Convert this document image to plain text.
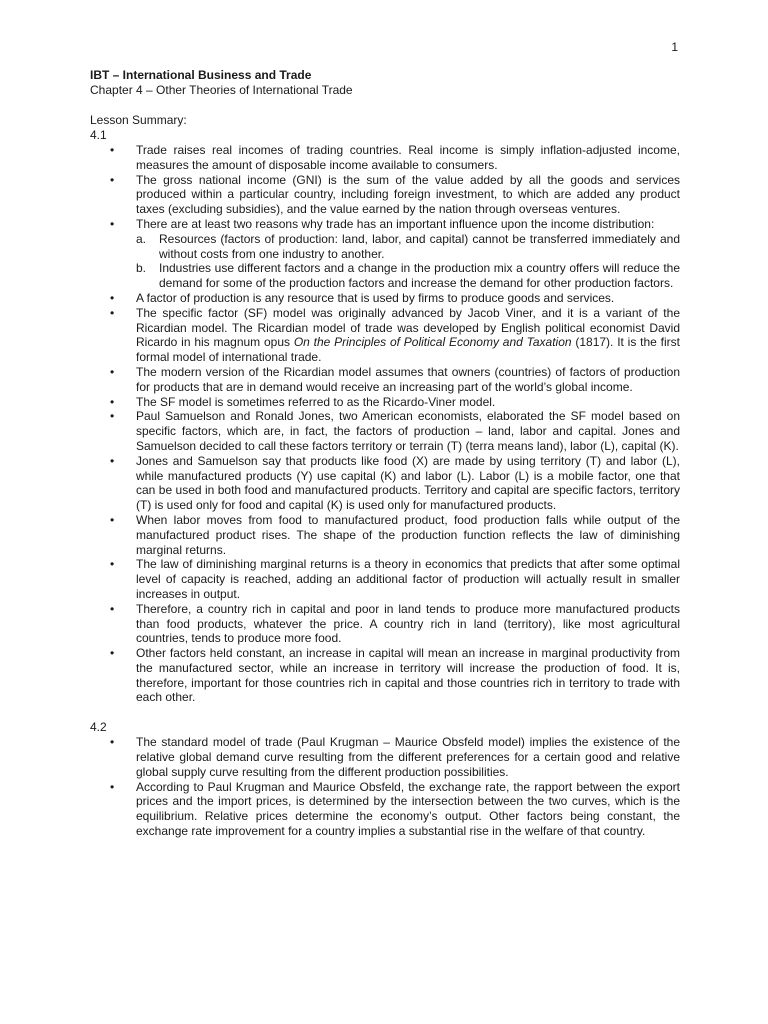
1

IBT – International Business and Trade

Chapter 4 – Other Theories of International Trade

Lesson Summary:

4.1

• Trade raises real incomes of trading countries. Real income is simply inflation-adjusted income, measures the amount of disposable income available to consumers.
• The gross national income (GNI) is the sum of the value added by all the goods and services produced within a particular country, including foreign investment, to which are added any product taxes (excluding subsidies), and the value earned by the nation through overseas ventures.
• There are at least two reasons why trade has an important influence upon the income distribution:
a. Resources (factors of production: land, labor, and capital) cannot be transferred immediately and without costs from one industry to another.
b. Industries use different factors and a change in the production mix a country offers will reduce the demand for some of the production factors and increase the demand for other production factors.
• A factor of production is any resource that is used by firms to produce goods and services.
• The specific factor (SF) model was originally advanced by Jacob Viner, and it is a variant of the Ricardian model. The Ricardian model of trade was developed by English political economist David Ricardo in his magnum opus On the Principles of Political Economy and Taxation (1817). It is the first formal model of international trade.
• The modern version of the Ricardian model assumes that owners (countries) of factors of production for products that are in demand would receive an increasing part of the world’s global income.
• The SF model is sometimes referred to as the Ricardo-Viner model.
• Paul Samuelson and Ronald Jones, two American economists, elaborated the SF model based on specific factors, which are, in fact, the factors of production – land, labor and capital. Jones and Samuelson decided to call these factors territory or terrain (T) (terra means land), labor (L), capital (K).
• Jones and Samuelson say that products like food (X) are made by using territory (T) and labor (L), while manufactured products (Y) use capital (K) and labor (L). Labor (L) is a mobile factor, one that can be used in both food and manufactured products. Territory and capital are specific factors, territory (T) is used only for food and capital (K) is used only for manufactured products.
• When labor moves from food to manufactured product, food production falls while output of the manufactured product rises. The shape of the production function reflects the law of diminishing marginal returns.
• The law of diminishing marginal returns is a theory in economics that predicts that after some optimal level of capacity is reached, adding an additional factor of production will actually result in smaller increases in output.
• Therefore, a country rich in capital and poor in land tends to produce more manufactured products than food products, whatever the price. A country rich in land (territory), like most agricultural countries, tends to produce more food.
• Other factors held constant, an increase in capital will mean an increase in marginal productivity from the manufactured sector, while an increase in territory will increase the production of food. It is, therefore, important for those countries rich in capital and those countries rich in territory to trade with each other.

4.2

• The standard model of trade (Paul Krugman – Maurice Obsfeld model) implies the existence of the relative global demand curve resulting from the different preferences for a certain good and relative global supply curve resulting from the different production possibilities.
• According to Paul Krugman and Maurice Obsfeld, the exchange rate, the rapport between the export prices and the import prices, is determined by the intersection between the two curves, which is the equilibrium. Relative prices determine the economy’s output. Other factors being constant, the exchange rate improvement for a country implies a substantial rise in the welfare of that country.
